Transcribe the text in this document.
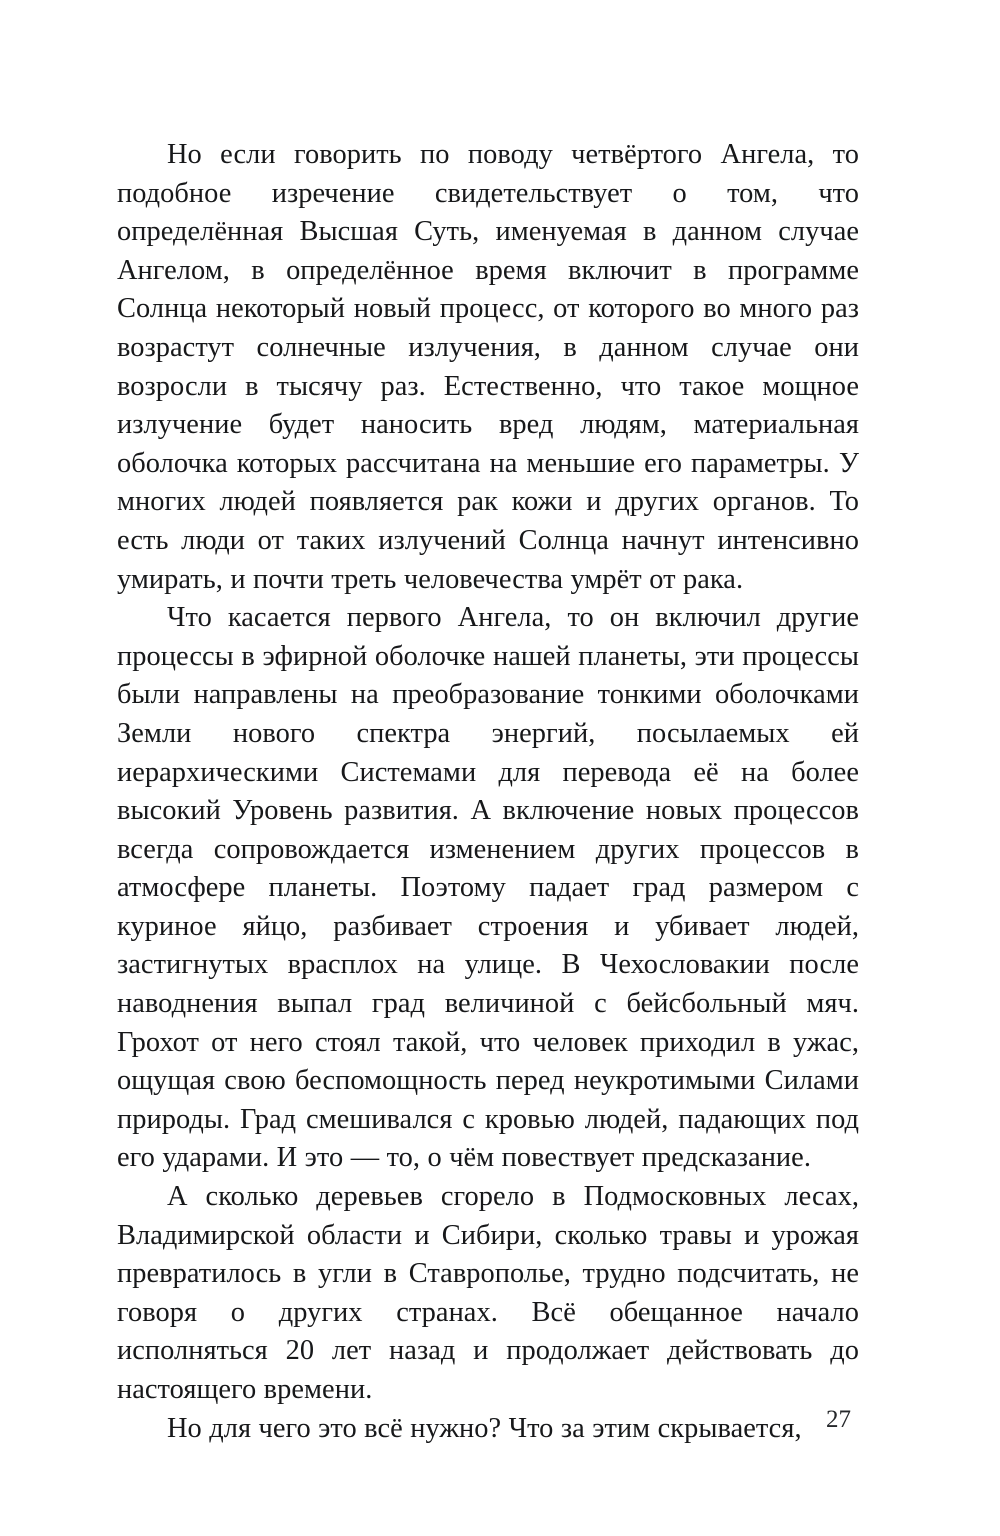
Но если говорить по поводу четвёртого Ангела, то подобное изречение свидетельствует о том, что определённая Высшая Суть, именуемая в данном случае Ангелом, в определённое время включит в программе Солнца некоторый новый процесс, от которого во много раз возрастут солнечные излучения, в данном случае они возросли в тысячу раз. Естественно, что такое мощное излучение будет наносить вред людям, материальная оболочка которых рассчитана на меньшие его параметры. У многих людей появляется рак кожи и других органов. То есть люди от таких излучений Солнца начнут интенсивно умирать, и почти треть человечества умрёт от рака.

Что касается первого Ангела, то он включил другие процессы в эфирной оболочке нашей планеты, эти процессы были направлены на преобразование тонкими оболочками Земли нового спектра энергий, посылаемых ей иерархическими Системами для перевода её на более высокий Уровень развития. А включение новых процессов всегда сопровождается изменением других процессов в атмосфере планеты. Поэтому падает град размером с куриное яйцо, разбивает строения и убивает людей, застигнутых врасплох на улице. В Чехословакии после наводнения выпал град величиной с бейсбольный мяч. Грохот от него стоял такой, что человек приходил в ужас, ощущая свою беспомощность перед неукротимыми Силами природы. Град смешивался с кровью людей, падающих под его ударами. И это — то, о чём повествует предсказание.

А сколько деревьев сгорело в Подмосковных лесах, Владимирской области и Сибири, сколько травы и урожая превратилось в угли в Ставрополье, трудно подсчитать, не говоря о других странах. Всё обещанное начало исполняться 20 лет назад и продолжает действовать до настоящего времени.

Но для чего это всё нужно? Что за этим скрывается, 27
